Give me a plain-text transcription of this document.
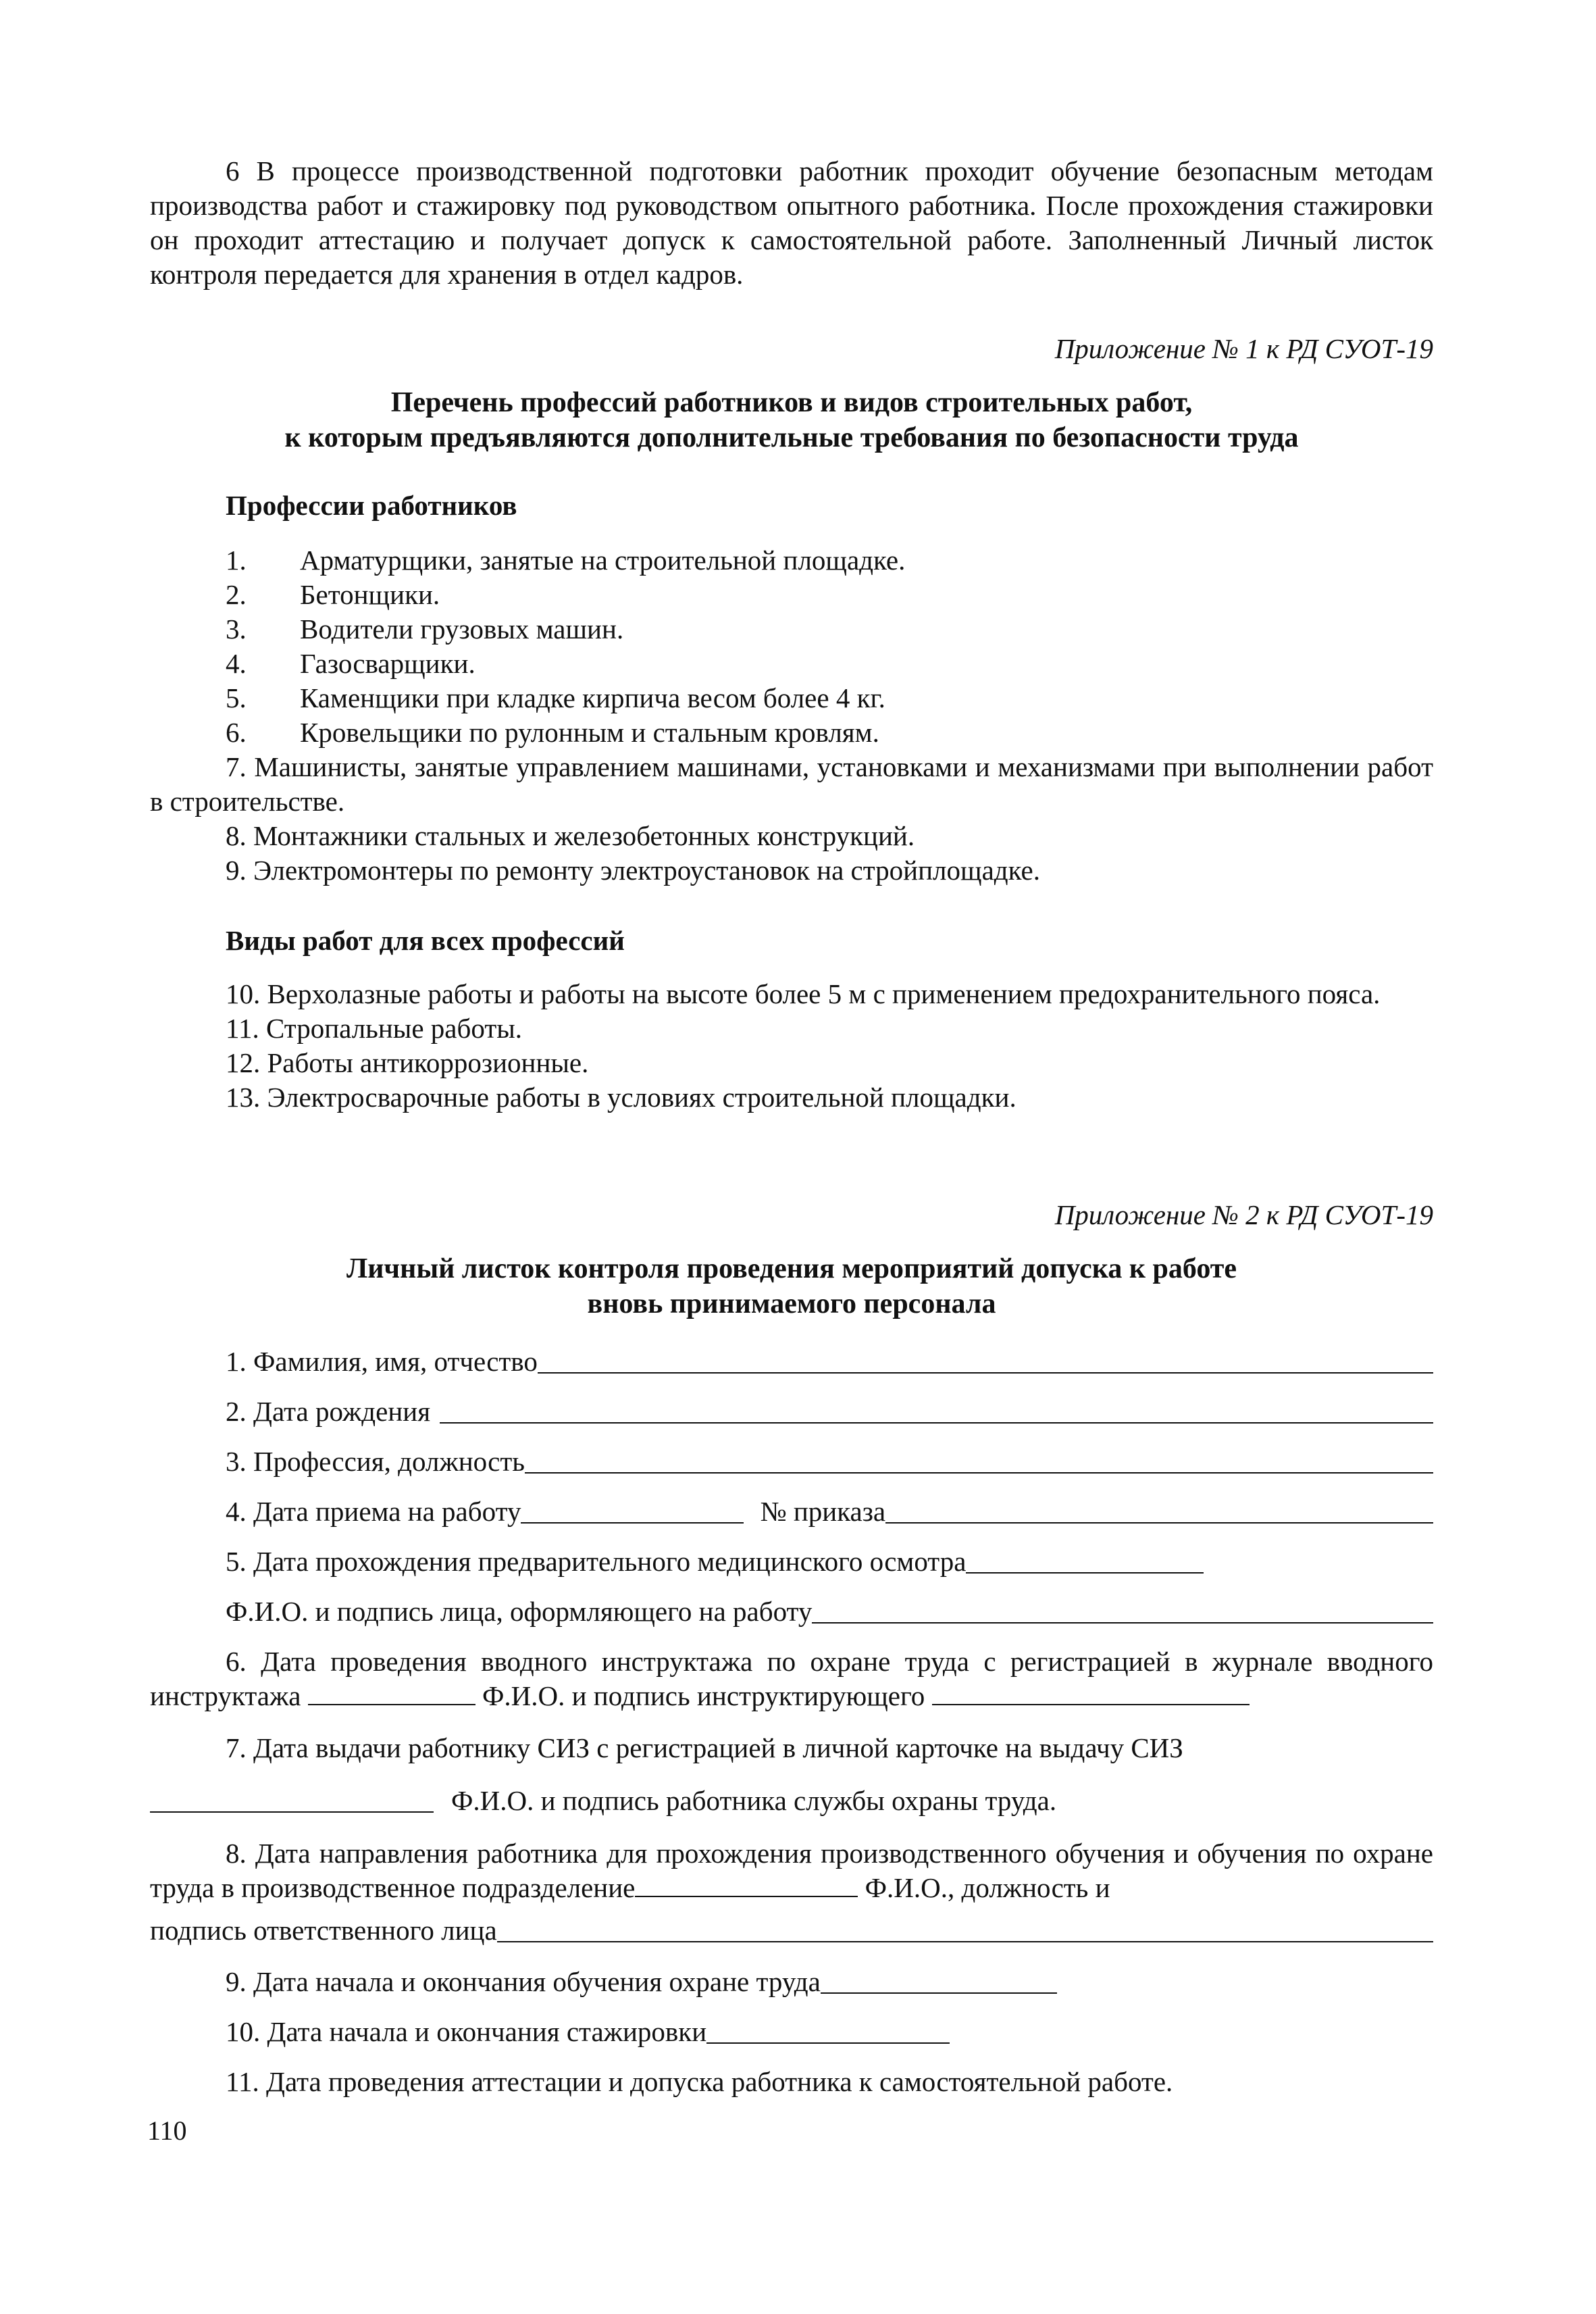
6 В процессе производственной подготовки работник проходит обучение безопасным методам производства работ и стажировку под руководством опытного работника. После прохождения стажировки он проходит аттестацию и получает допуск к самостоятельной работе. Заполненный Личный листок контроля передается для хранения в отдел кадров.

Приложение № 1 к РД СУОТ-19
Перечень профессий работников и видов строительных работ,
к которым предъявляются дополнительные требования по безопасности труда
Профессии работников
1. Арматурщики, занятые на строительной площадке.
2. Бетонщики.
3. Водители грузовых машин.
4. Газосварщики.
5. Каменщики при кладке кирпича весом более 4 кг.
6. Кровельщики по рулонным и стальным кровлям.
7. Машинисты, занятые управлением машинами, установками и механизмами при выполнении работ в строительстве.
8. Монтажники стальных и железобетонных конструкций.
9. Электромонтеры по ремонту электроустановок на стройплощадке.
Виды работ для всех профессий
10. Верхолазные работы и работы на высоте более 5 м с применением предохранительного пояса.
11. Стропальные работы.
12. Работы антикоррозионные.
13. Электросварочные работы в условиях строительной площадки.
Приложение № 2 к РД СУОТ-19
Личный листок контроля проведения мероприятий допуска к работе
вновь принимаемого персонала
1. Фамилия, имя, отчество
2. Дата рождения
3. Профессия, должность
4. Дата приема на работу	№ приказа
5. Дата прохождения предварительного медицинского осмотра
Ф.И.О. и подпись лица, оформляющего на работу

6. Дата проведения вводного инструктажа по охране труда с регистрацией в журнале вводного инструктажа	Ф.И.О. и подпись инструктирующего

7. Дата выдачи работнику СИЗ с регистрацией в личной карточке на выдачу СИЗ

Ф.И.О. и подпись работника службы охраны труда.

8. Дата направления работника для прохождения производственного обучения и обучения по охране труда в производственное подразделение	Ф.И.О., должность и

подпись ответственного лица
9. Дата начала и окончания обучения охране труда
10. Дата начала и окончания стажировки
11. Дата проведения аттестации и допуска работника к самостоятельной работе.
110
